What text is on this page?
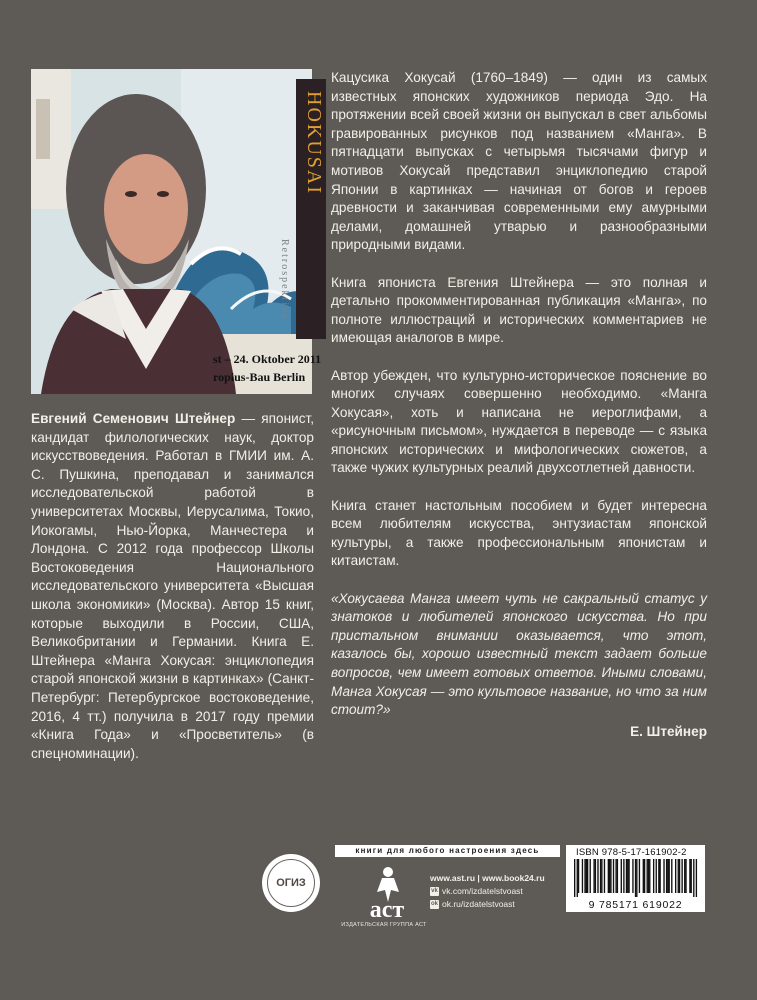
HOKUSAI
Retrospektive
st – 24. Oktober 2011
ropius-Bau Berlin

Евгений Семенович Штейнер — японист, кандидат филологических наук, доктор искусствоведения. Работал в ГМИИ им. А. С. Пушкина, преподавал и занимался исследовательской работой в университетах Москвы, Иерусалима, Токио, Иокогамы, Нью-Йорка, Манчестера и Лондона. С 2012 года профессор Школы Востоковедения Национального исследовательского университета «Высшая школа экономики» (Москва). Автор 15 книг, которые выходили в России, США, Великобритании и Германии. Книга Е. Штейнера «Манга Хокусая: энциклопедия старой японской жизни в картинках» (Санкт-Петербург: Петербургское востоковедение, 2016, 4 тт.) получила в 2017 году премии «Книга Года» и «Просветитель» (в спецноминации).

Кацусика Хокусай (1760–1849) — один из самых известных японских художников периода Эдо. На протяжении всей своей жизни он выпускал в свет альбомы гравированных рисунков под названием «Манга». В пятнадцати выпусках с четырьмя тысячами фигур и мотивов Хокусай представил энциклопедию старой Японии в картинках — начиная от богов и героев древности и заканчивая современными ему амурными делами, домашней утварью и разнообразными природными видами.

Книга япониста Евгения Штейнера — это полная и детально прокомментированная публикация «Манга», по полноте иллюстраций и исторических комментариев не имеющая аналогов в мире.

Автор убежден, что культурно-историческое пояснение во многих случаях совершенно необходимо. «Манга Хокусая», хоть и написана не иероглифами, а «рисуночным письмом», нуждается в переводе — с языка японских исторических и мифологических сюжетов, а также чужих культурных реалий двухсотлетней давности.

Книга станет настольным пособием и будет интересна всем любителям искусства, энтузиастам японской культуры, а также профессиональным японистам и китаистам.

«Хокусаева Манга имеет чуть не сакральный статус у знатоков и любителей японского искусства. Но при пристальном внимании оказывается, что этот, казалось бы, хорошо известный текст задает больше вопросов, чем имеет готовых ответов. Иными словами, Манга Хокусая — это культовое название, но что за ним стоит?»
Е. Штейнер
ОГИЗ
книги для любого настроения здесь
аст
ИЗДАТЕЛЬСКАЯ ГРУППА АСТ
www.ast.ru | www.book24.ru
vk vk.com/izdatelstvoast
ok ok.ru/izdatelstvoast
ISBN 978-5-17-161902-2
9 785171 619022
